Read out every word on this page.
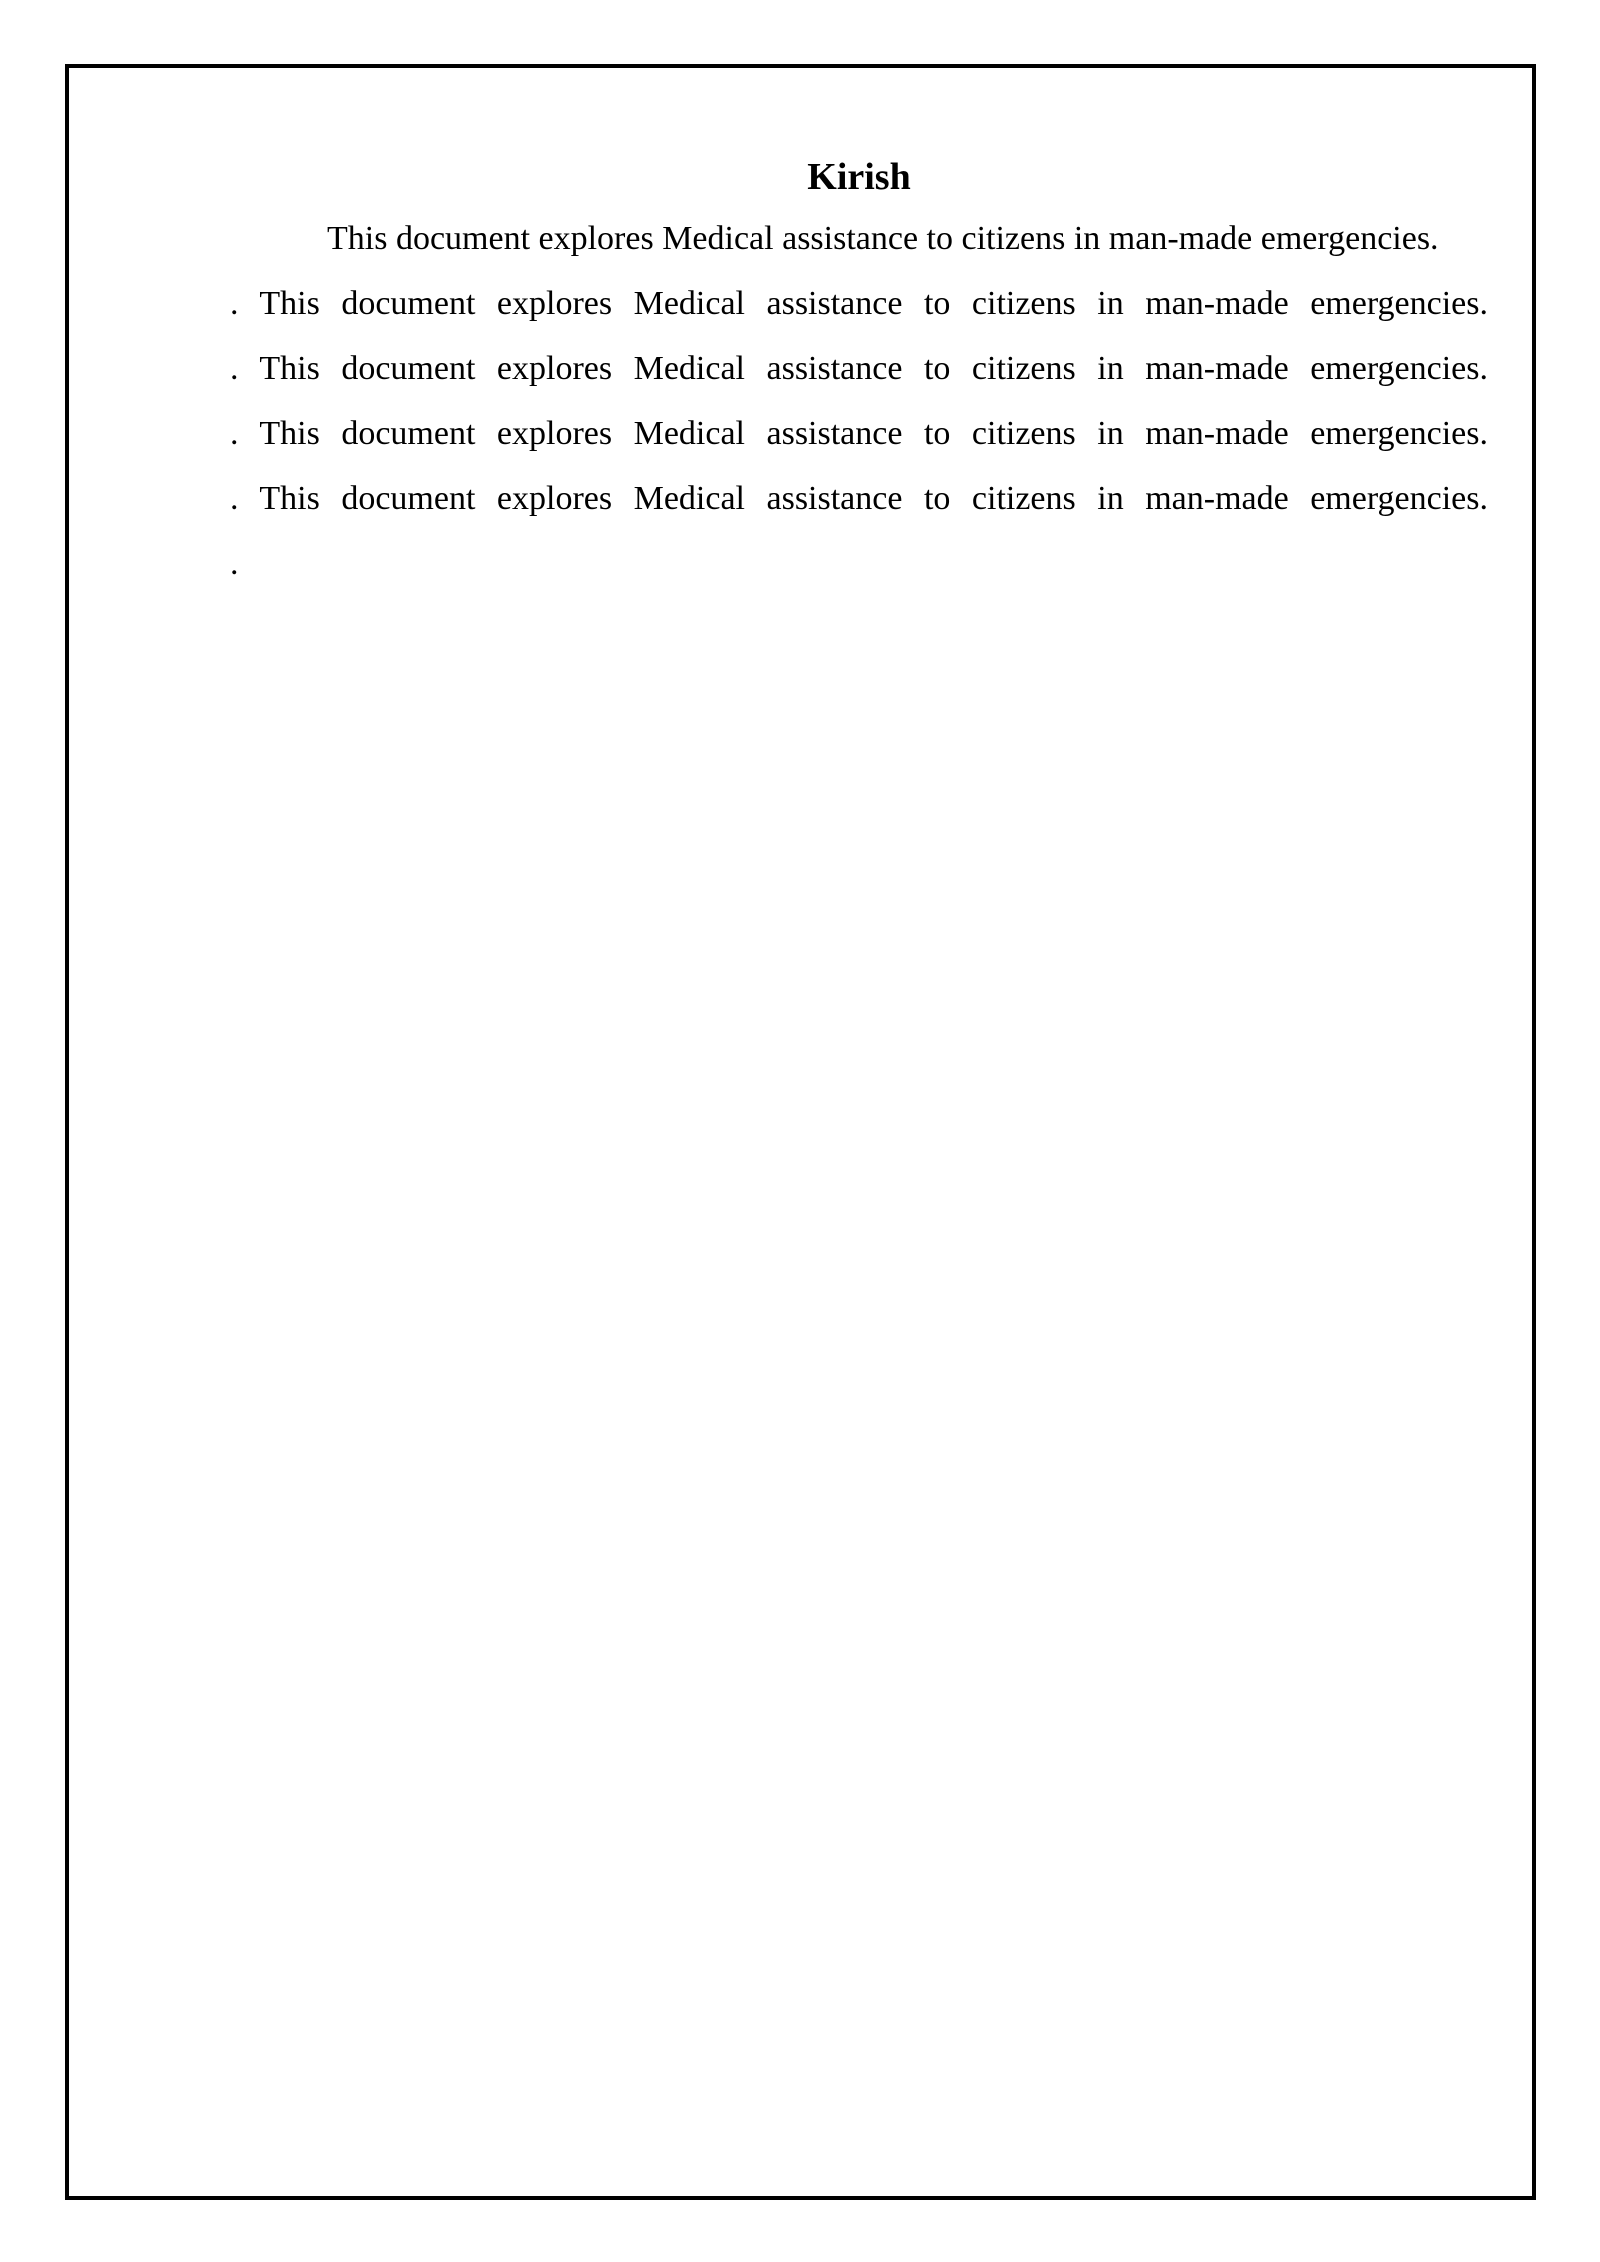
Kirish

This document explores Medical assistance to citizens in man-made emergencies.

. This document explores Medical assistance to citizens in man-made emergencies.

. This document explores Medical assistance to citizens in man-made emergencies.

. This document explores Medical assistance to citizens in man-made emergencies.

. This document explores Medical assistance to citizens in man-made emergencies.

.
